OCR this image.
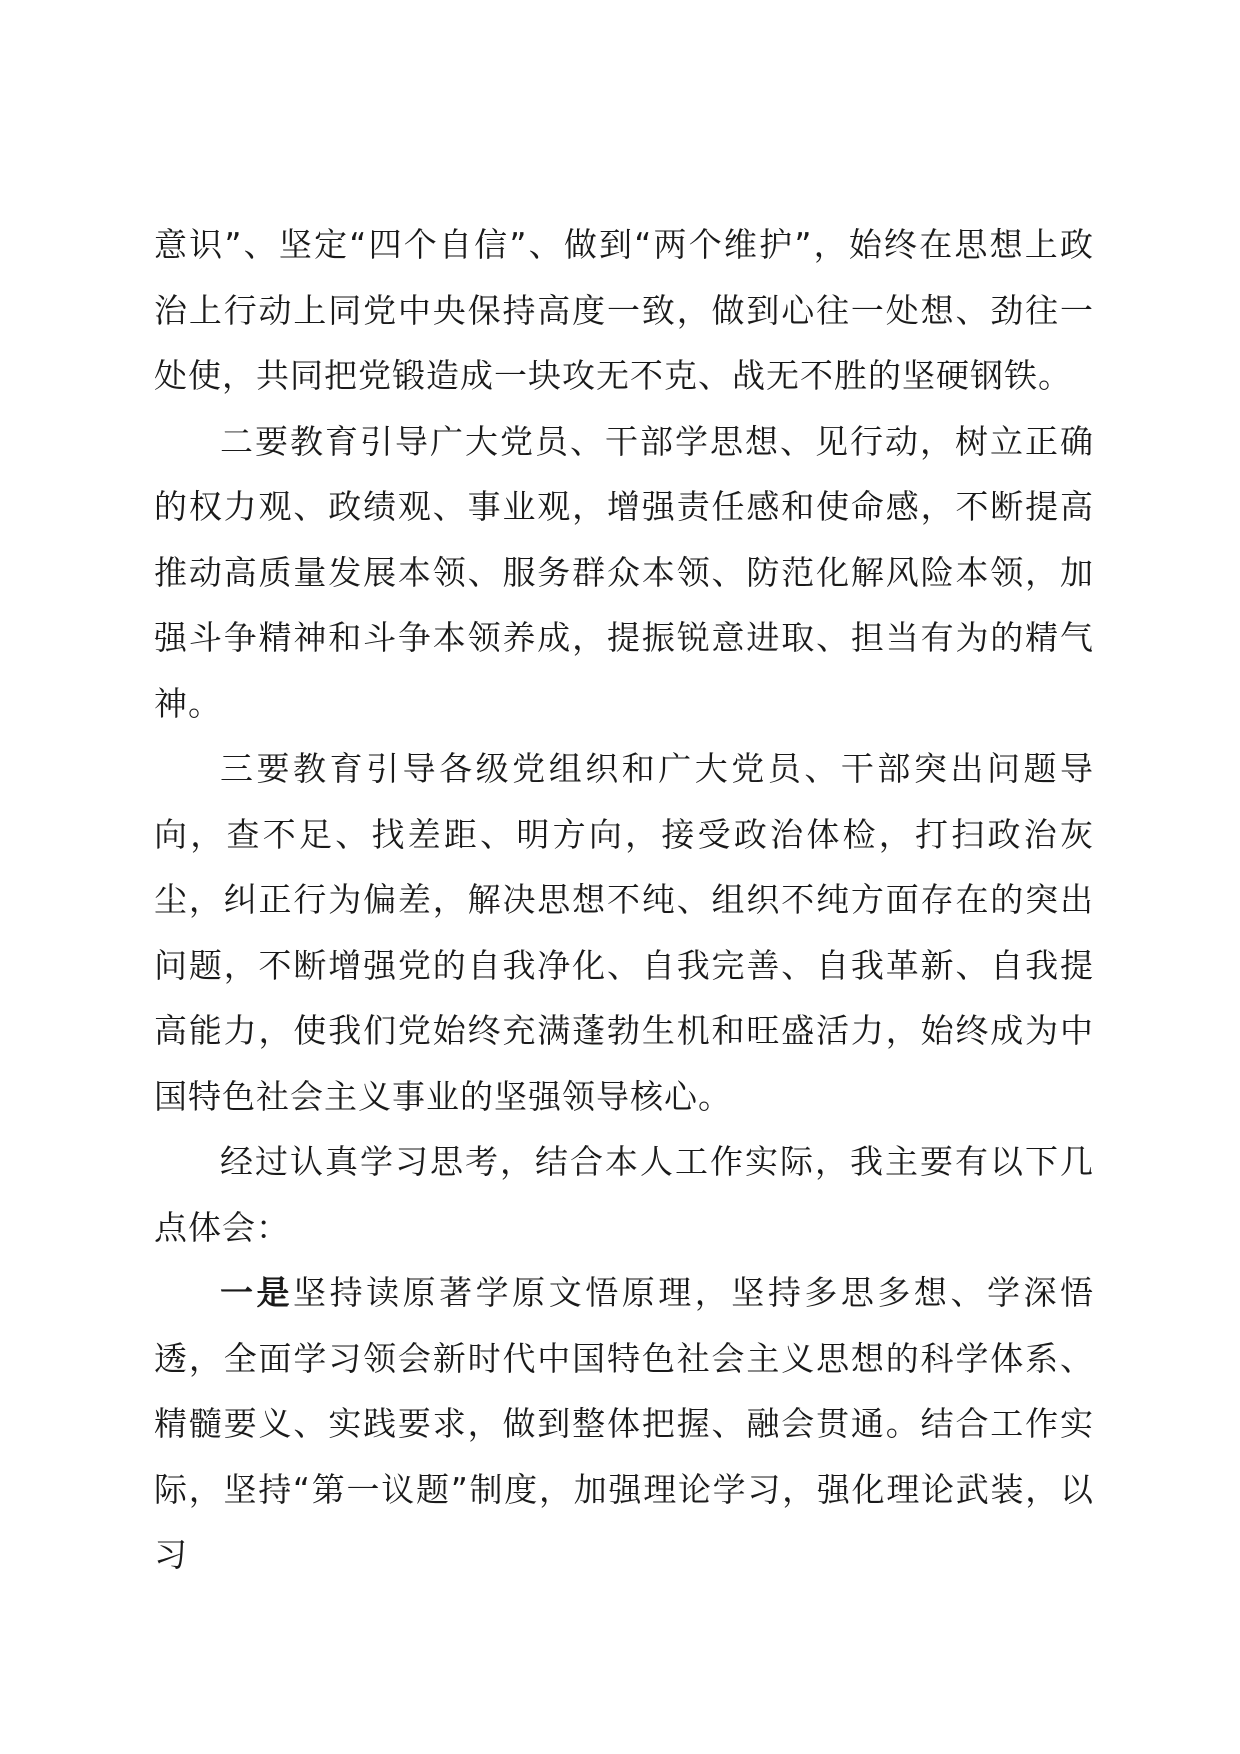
意识”、坚定“四个自信”、做到“两个维护”，始终在思想上政治上行动上同党中央保持高度一致，做到心往一处想、劲往一处使，共同把党锻造成一块攻无不克、战无不胜的坚硬钢铁。

二要教育引导广大党员、干部学思想、见行动，树立正确的权力观、政绩观、事业观，增强责任感和使命感，不断提高推动高质量发展本领、服务群众本领、防范化解风险本领，加强斗争精神和斗争本领养成，提振锐意进取、担当有为的精气神。

三要教育引导各级党组织和广大党员、干部突出问题导向，查不足、找差距、明方向，接受政治体检，打扫政治灰尘，纠正行为偏差，解决思想不纯、组织不纯方面存在的突出问题，不断增强党的自我净化、自我完善、自我革新、自我提高能力，使我们党始终充满蓬勃生机和旺盛活力，始终成为中国特色社会主义事业的坚强领导核心。

经过认真学习思考，结合本人工作实际，我主要有以下几点体会：

一是坚持读原著学原文悟原理，坚持多思多想、学深悟透，全面学习领会新时代中国特色社会主义思想的科学体系、精髓要义、实践要求，做到整体把握、融会贯通。结合工作实际，坚持“第一议题”制度，加强理论学习，强化理论武装，以习
